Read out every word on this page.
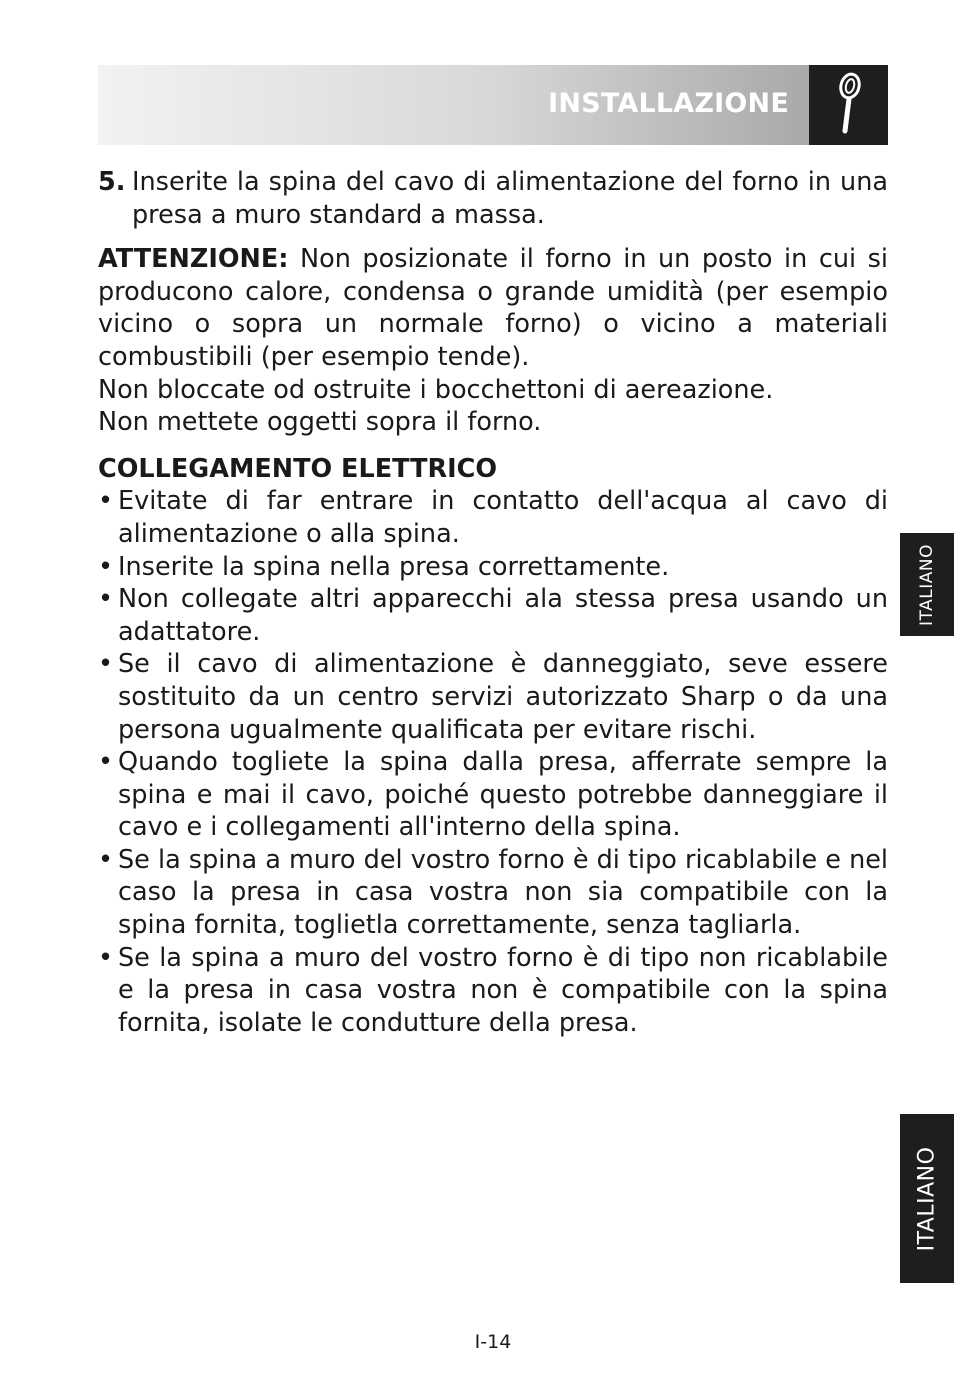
INSTALLAZIONE

5. Inserite la spina del cavo di alimentazione del forno in una presa a muro standard a massa.

ATTENZIONE: Non posizionate il forno in un posto in cui si producono calore, condensa o grande umidità (per esempio vicino o sopra un normale forno) o vicino a materiali combustibili (per esempio tende).

Non bloccate od ostruite i bocchettoni di aereazione.

Non mettete oggetti sopra il forno.

COLLEGAMENTO ELETTRICO
• Evitate di far entrare in contatto dell'acqua al cavo di alimentazione o alla spina.
• Inserite la spina nella presa correttamente.
• Non collegate altri apparecchi ala stessa presa usando un adattatore.
• Se il cavo di alimentazione è danneggiato, seve essere sostituito da un centro servizi autorizzato Sharp o da una persona ugualmente qualificata per evitare rischi.
• Quando togliete la spina dalla presa, afferrate sempre la spina e mai il cavo, poiché questo potrebbe danneggiare il cavo e i collegamenti all'interno della spina.
• Se la spina a muro del vostro forno è di tipo ricablabile e nel caso la presa in casa vostra non sia compatibile con la spina fornita, toglietla correttamente, senza tagliarla.
• Se la spina a muro del vostro forno è di tipo non ricablabile e la presa in casa vostra non è compatibile con la spina fornita, isolate le condutture della presa.
ITALIANO
ITALIANO
I-14
